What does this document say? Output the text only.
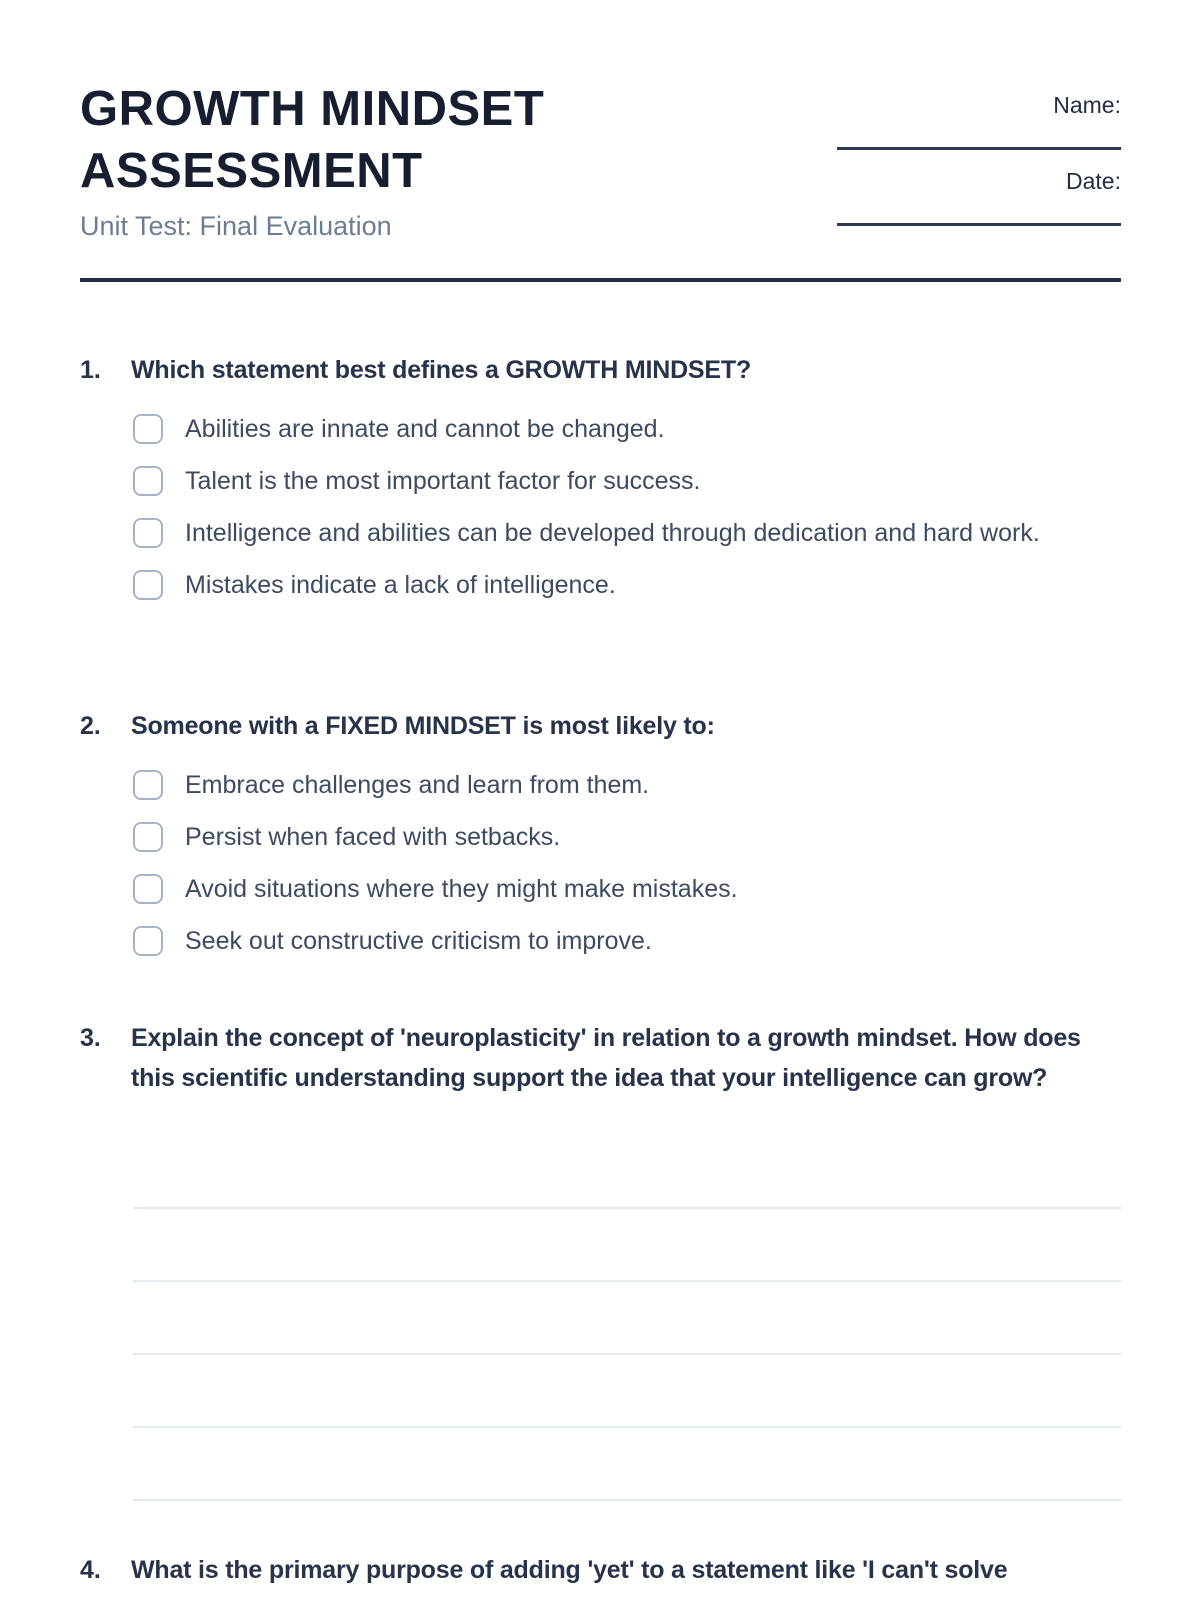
GROWTH MINDSET ASSESSMENT

Unit Test: Final Evaluation

Name:
Date:
1.	Which statement best defines a GROWTH MINDSET?
Abilities are innate and cannot be changed.
Talent is the most important factor for success.
Intelligence and abilities can be developed through dedication and hard work.
Mistakes indicate a lack of intelligence.
2.	Someone with a FIXED MINDSET is most likely to:
Embrace challenges and learn from them.
Persist when faced with setbacks.
Avoid situations where they might make mistakes.
Seek out constructive criticism to improve.
3.	Explain the concept of 'neuroplasticity' in relation to a growth mindset. How does this scientific understanding support the idea that your intelligence can grow?
4.	What is the primary purpose of adding 'yet' to a statement like 'I can't solve
